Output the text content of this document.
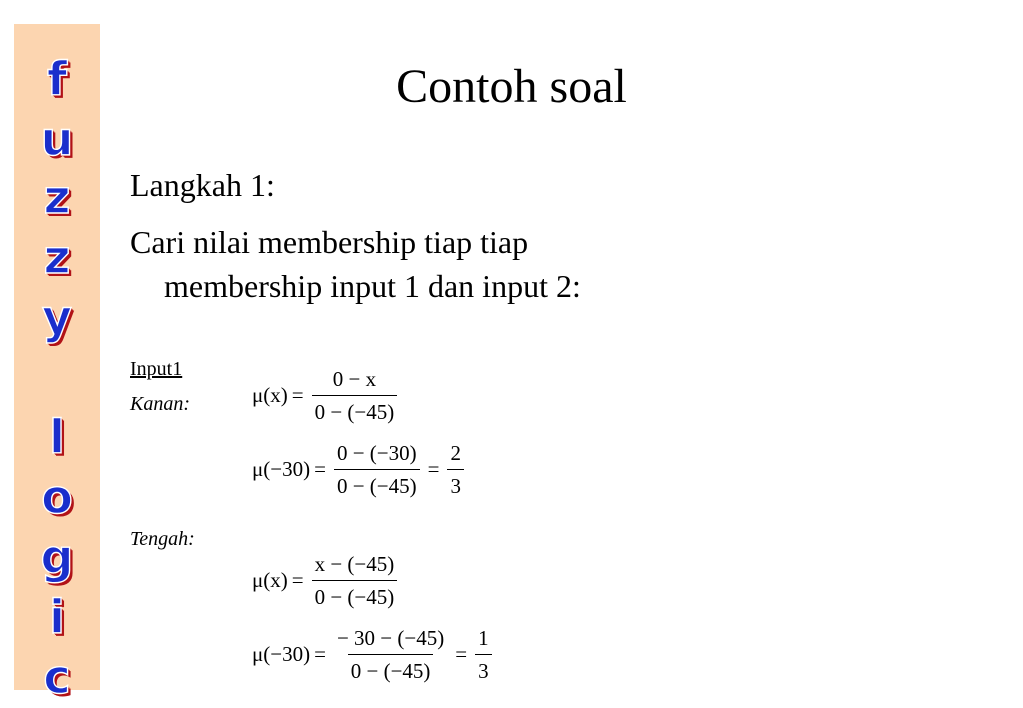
f
u
z
z
y
l
o
g
i
c
Contoh soal
Langkah 1:
Cari nilai membership tiap tiap membership input 1 dan input 2:
Input1
Kanan:	$\mu(x) = \frac{0 - x}{0 - (-45)}$
$\mu(-30) = \frac{0 - (-30)}{0 - (-45)} = \frac{2}{3}$
Tengah:
$\mu(x) = \frac{x - (-45)}{0 - (-45)}$
$\mu(-30) = \frac{- 30 - (-45)}{0 - (-45)} = \frac{1}{3}$
